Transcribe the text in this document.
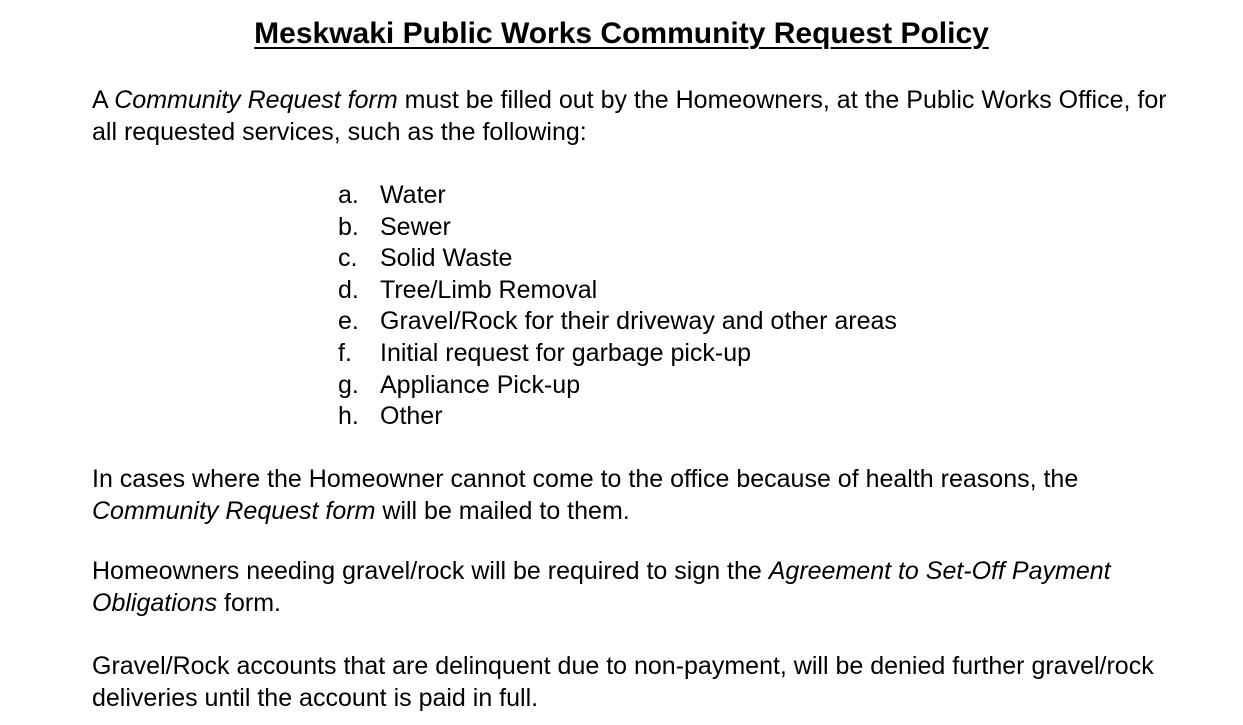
Meskwaki Public Works Community Request Policy

A Community Request form must be filled out by the Homeowners, at the Public Works Office, for all requested services, such as the following:

a. Water
b. Sewer
c. Solid Waste
d. Tree/Limb Removal
e. Gravel/Rock for their driveway and other areas
f.	Initial request for garbage pick-up
g. Appliance Pick-up
h. Other

In cases where the Homeowner cannot come to the office because of health reasons, the Community Request form will be mailed to them.

Homeowners needing gravel/rock will be required to sign the Agreement to Set-Off Payment Obligations form.

Gravel/Rock accounts that are delinquent due to non-payment, will be denied further gravel/rock deliveries until the account is paid in full.
